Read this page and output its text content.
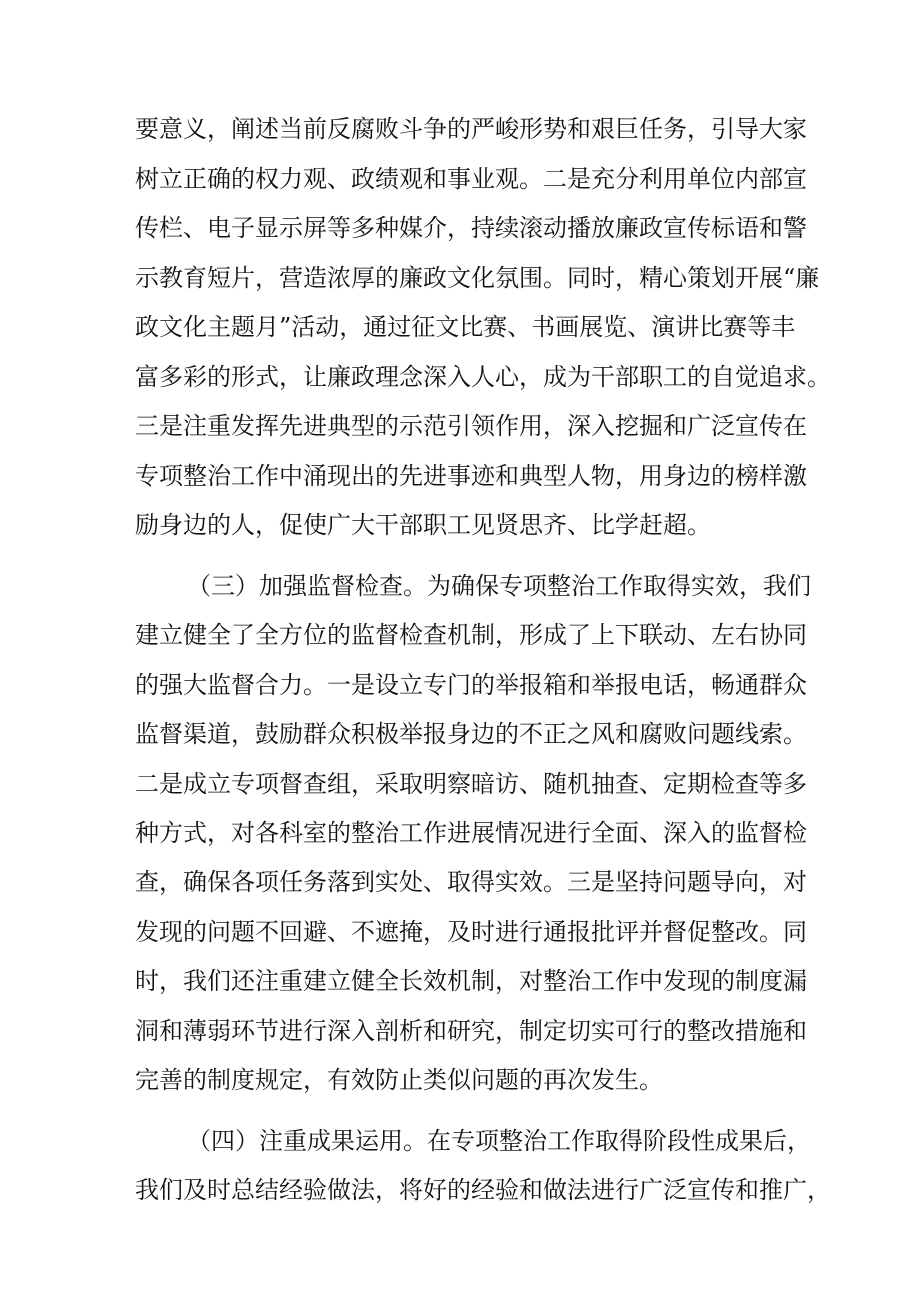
要意义，阐述当前反腐败斗争的严峻形势和艰巨任务，引导大家
树立正确的权力观、政绩观和事业观。二是充分利用单位内部宣
传栏、电子显示屏等多种媒介，持续滚动播放廉政宣传标语和警
示教育短片，营造浓厚的廉政文化氛围。同时，精心策划开展“廉
政文化主题月”活动，通过征文比赛、书画展览、演讲比赛等丰
富多彩的形式，让廉政理念深入人心，成为干部职工的自觉追求。
三是注重发挥先进典型的示范引领作用，深入挖掘和广泛宣传在
专项整治工作中涌现出的先进事迹和典型人物，用身边的榜样激
励身边的人，促使广大干部职工见贤思齐、比学赶超。
（三）加强监督检查。为确保专项整治工作取得实效，我们
建立健全了全方位的监督检查机制，形成了上下联动、左右协同
的强大监督合力。一是设立专门的举报箱和举报电话，畅通群众
监督渠道，鼓励群众积极举报身边的不正之风和腐败问题线索。
二是成立专项督查组，采取明察暗访、随机抽查、定期检查等多
种方式，对各科室的整治工作进展情况进行全面、深入的监督检
查，确保各项任务落到实处、取得实效。三是坚持问题导向，对
发现的问题不回避、不遮掩，及时进行通报批评并督促整改。同
时，我们还注重建立健全长效机制，对整治工作中发现的制度漏
洞和薄弱环节进行深入剖析和研究，制定切实可行的整改措施和
完善的制度规定，有效防止类似问题的再次发生。
（四）注重成果运用。在专项整治工作取得阶段性成果后，
我们及时总结经验做法，将好的经验和做法进行广泛宣传和推广，
